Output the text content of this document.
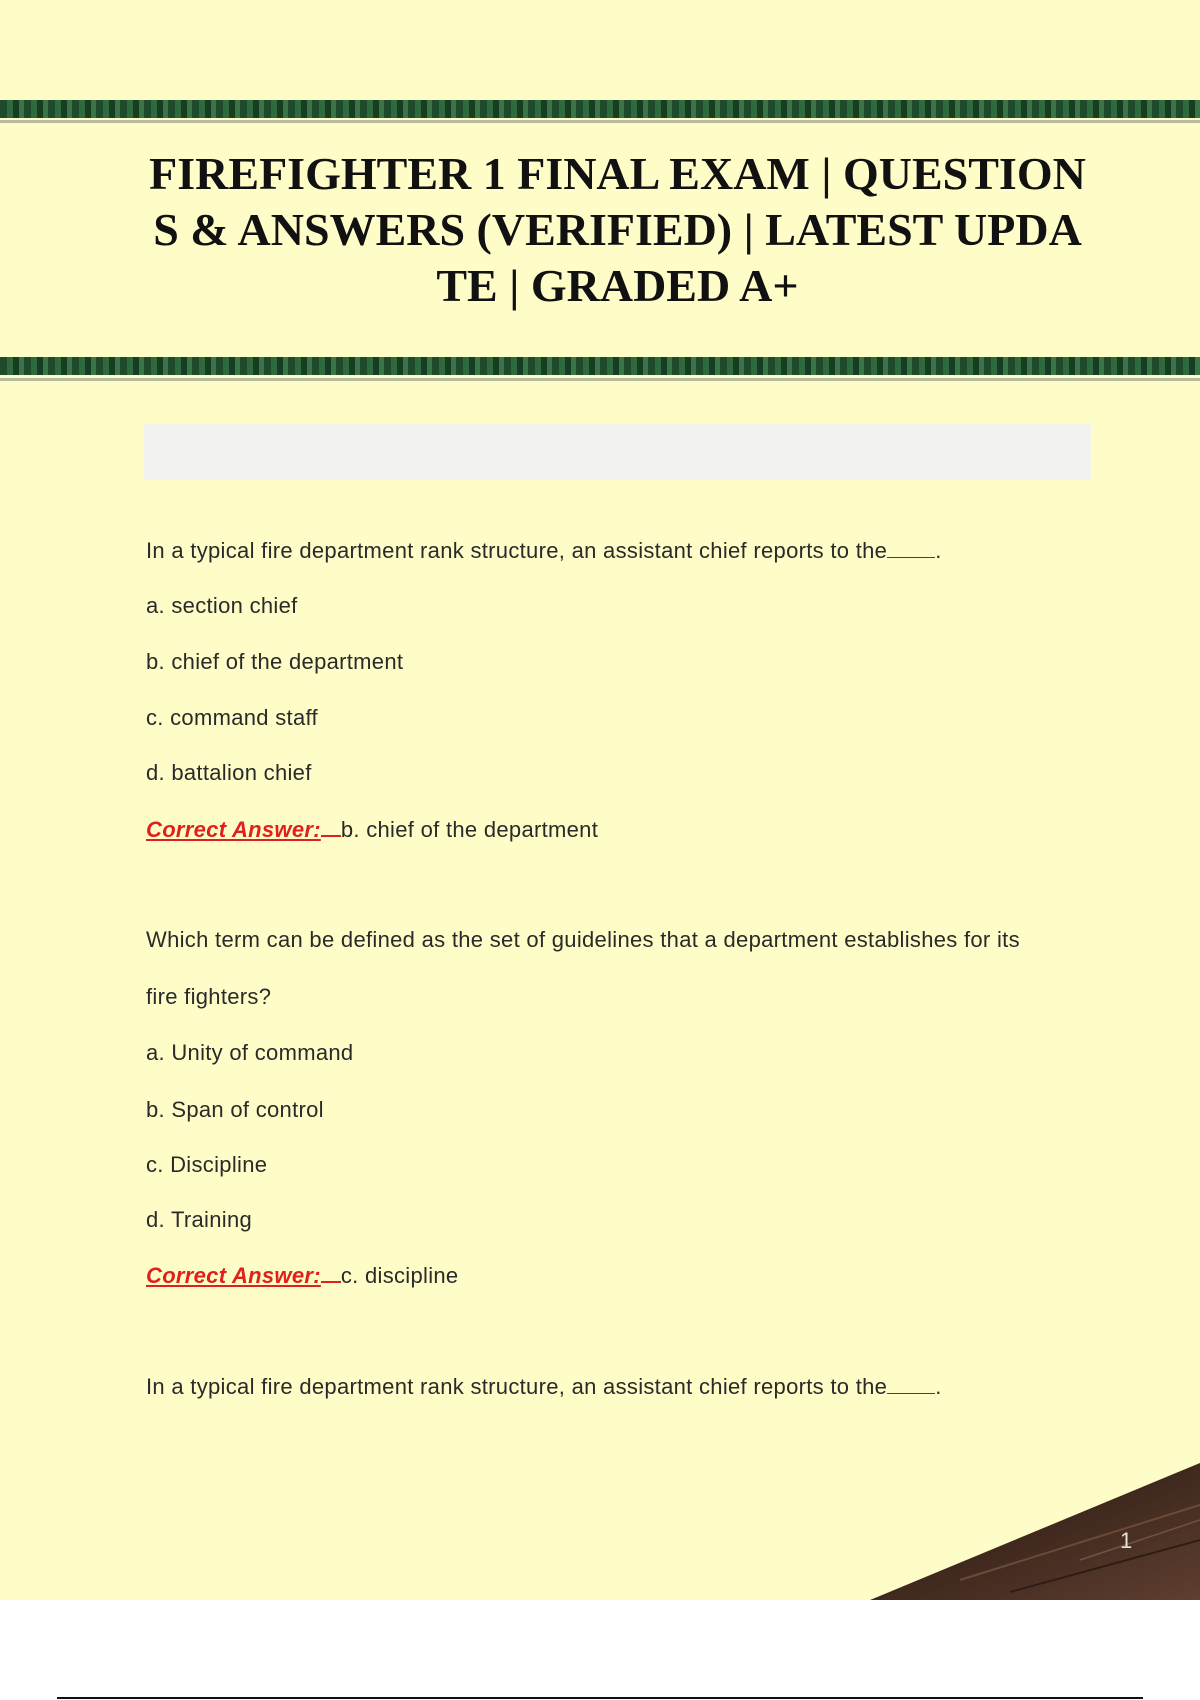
FIREFIGHTER 1 FINAL EXAM | QUESTIONS & ANSWERS (VERIFIED) | LATEST UPDATE | GRADED A+
In a typical fire department rank structure, an assistant chief reports to the .
a. section chief
b. chief of the department
c. command staff
d. battalion chief
Correct Answer: b. chief of the department
Which term can be defined as the set of guidelines that a department establishes for its
fire fighters?
a. Unity of command
b. Span of control
c. Discipline
d. Training
Correct Answer: c. discipline
In a typical fire department rank structure, an assistant chief reports to the .
1
